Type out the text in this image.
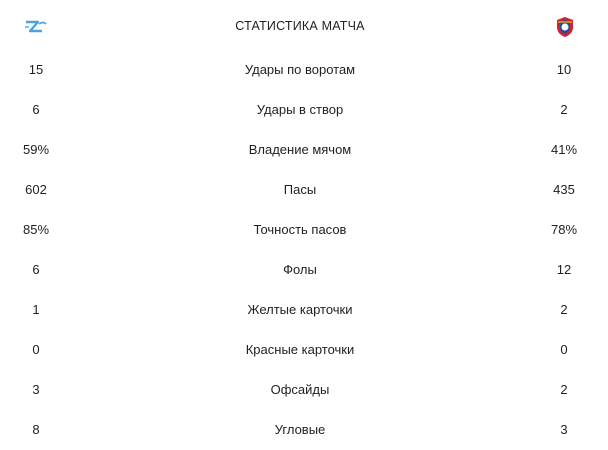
СТАТИСТИКА МАТЧА
15	Удары по воротам	10
6	Удары в створ	2
59%	Владение мячом	41%
602	Пасы	435
85%	Точность пасов	78%
6	Фолы	12
1	Желтые карточки	2
0	Красные карточки	0
3	Офсайды	2
8	Угловые	3
